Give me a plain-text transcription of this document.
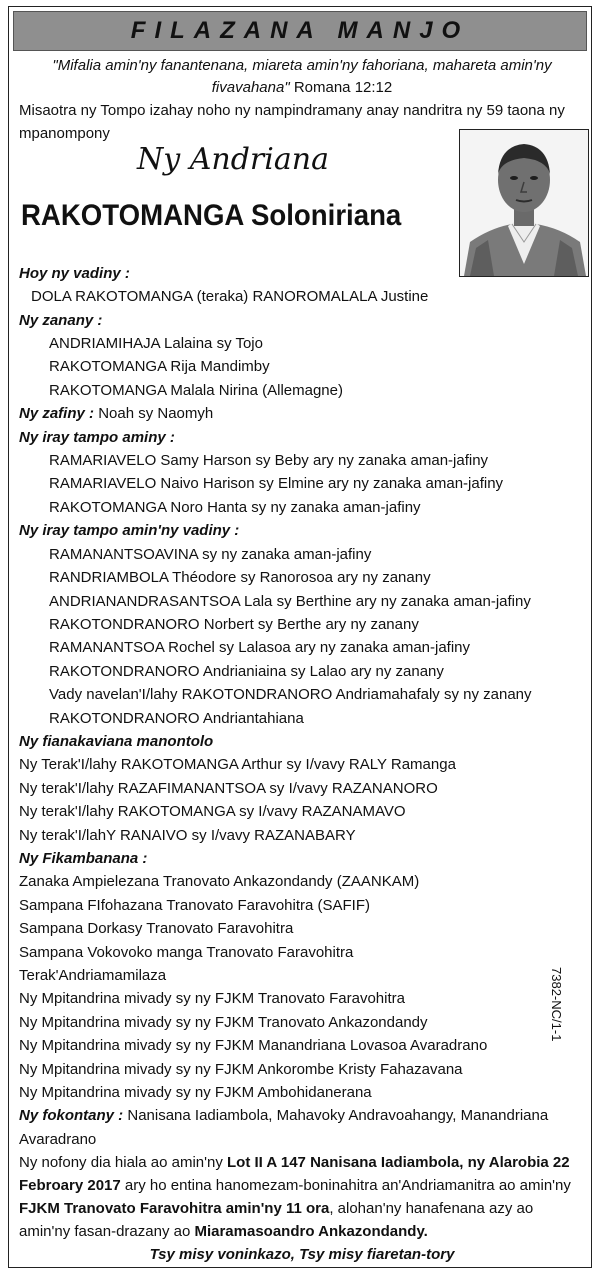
FILAZANA MANJO
"Mifalia amin'ny fanantenana, miareta amin'ny fahoriana, mahareta amin'ny fivavahana" Romana 12:12
Misaotra ny Tompo izahay noho ny nampindramany anay nandritra ny 59 taona ny mpanompony
Ny Andriana
RAKOTOMANGA Soloniriana
Hoy ny vadiny :
DOLA RAKOTOMANGA (teraka) RANOROMALALA Justine
Ny zanany :
ANDRIAMIHAJA Lalaina sy Tojo
RAKOTOMANGA Rija Mandimby
RAKOTOMANGA Malala Nirina (Allemagne)
Ny zafiny : Noah sy Naomyh
Ny iray tampo aminy :
RAMARIAVELO Samy Harson sy Beby ary ny zanaka aman-jafiny
RAMARIAVELO Naivo Harison sy Elmine ary ny zanaka aman-jafiny
RAKOTOMANGA Noro Hanta sy ny zanaka aman-jafiny
Ny iray tampo amin'ny vadiny :
RAMANANTSOAVINA sy ny zanaka aman-jafiny
RANDRIAMBOLA Théodore sy Ranorosoa ary ny zanany
ANDRIANANDRASANTSOA Lala sy Berthine ary ny zanaka aman-jafiny
RAKOTONDRANORO Norbert sy Berthe ary ny zanany
RAMANANTSOA Rochel sy Lalasoa ary ny zanaka aman-jafiny
RAKOTONDRANORO Andrianiaina sy Lalao ary ny zanany
Vady navelan'I/lahy RAKOTONDRANORO Andriamahafaly sy ny zanany
RAKOTONDRANORO Andriantahiana
Ny fianakaviana manontolo
Ny Terak'I/lahy RAKOTOMANGA Arthur sy I/vavy RALY Ramanga
Ny terak'I/lahy RAZAFIMANANTSOA sy I/vavy RAZANANORO
Ny terak'I/lahy RAKOTOMANGA sy I/vavy RAZANAMAVO
Ny terak'I/lahY RANAIVO sy I/vavy RAZANABARY
Ny Fikambanana :
Zanaka Ampielezana Tranovato Ankazondandy (ZAANKAM)
Sampana FIfohazana Tranovato Faravohitra (SAFIF)
Sampana Dorkasy Tranovato Faravohitra
Sampana Vokovoko manga Tranovato Faravohitra
Terak'Andriamamilaza
Ny Mpitandrina mivady sy ny FJKM Tranovato Faravohitra
Ny Mpitandrina mivady sy ny FJKM Tranovato Ankazondandy
Ny Mpitandrina mivady sy ny FJKM Manandriana Lovasoa Avaradrano
Ny Mpitandrina mivady sy ny FJKM Ankorombe Kristy Fahazavana
Ny Mpitandrina mivady sy ny FJKM Ambohidanerana
Ny fokontany : Nanisana Iadiambola, Mahavoky Andravoahangy, Manandriana Avaradrano
Ny nofony dia hiala ao amin'ny Lot II A 147 Nanisana Iadiambola, ny Alarobia 22 Febroary 2017 ary ho entina hanomezam-boninahitra an'Andriamanitra ao amin'ny FJKM Tranovato Faravohitra amin'ny 11 ora, alohan'ny hanafenana azy ao amin'ny fasan-drazany ao Miaramasoandro Ankazondandy.
Tsy misy voninkazo, Tsy misy fiaretan-tory
7382-NC/1-1
